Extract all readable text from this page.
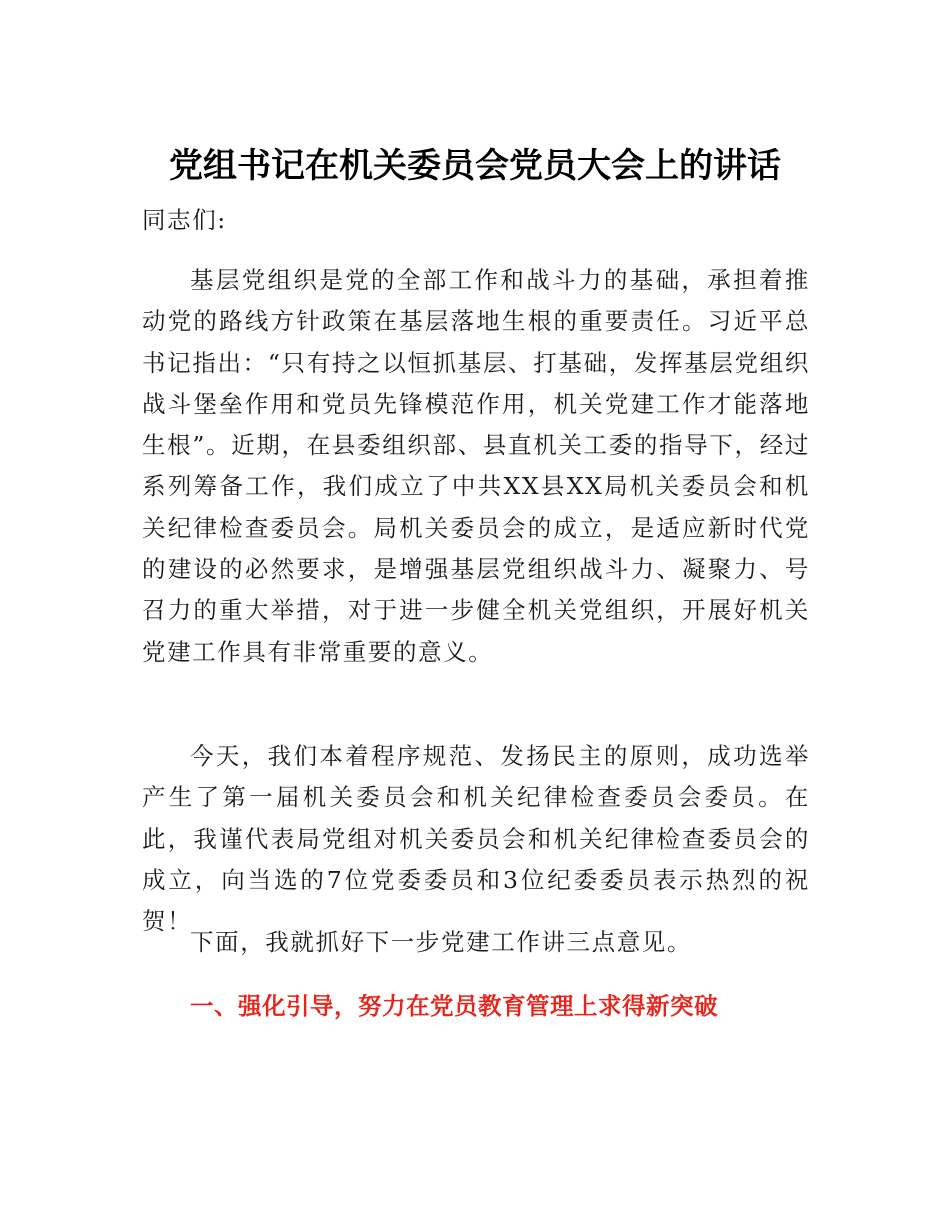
党组书记在机关委员会党员大会上的讲话

同志们:

基层党组织是党的全部工作和战斗力的基础，承担着推动党的路线方针政策在基层落地生根的重要责任。习近平总书记指出：“只有持之以恒抓基层、打基础，发挥基层党组织战斗堡垒作用和党员先锋模范作用，机关党建工作才能落地生根”。近期，在县委组织部、县直机关工委的指导下，经过系列筹备工作，我们成立了中共XX县XX局机关委员会和机关纪律检查委员会。局机关委员会的成立，是适应新时代党的建设的必然要求，是增强基层党组织战斗力、凝聚力、号召力的重大举措，对于进一步健全机关党组织，开展好机关党建工作具有非常重要的意义。

今天，我们本着程序规范、发扬民主的原则，成功选举产生了第一届机关委员会和机关纪律检查委员会委员。在此，我谨代表局党组对机关委员会和机关纪律检查委员会的成立，向当选的7位党委委员和3位纪委委员表示热烈的祝贺！

下面，我就抓好下一步党建工作讲三点意见。

一、强化引导，努力在党员教育管理上求得新突破
